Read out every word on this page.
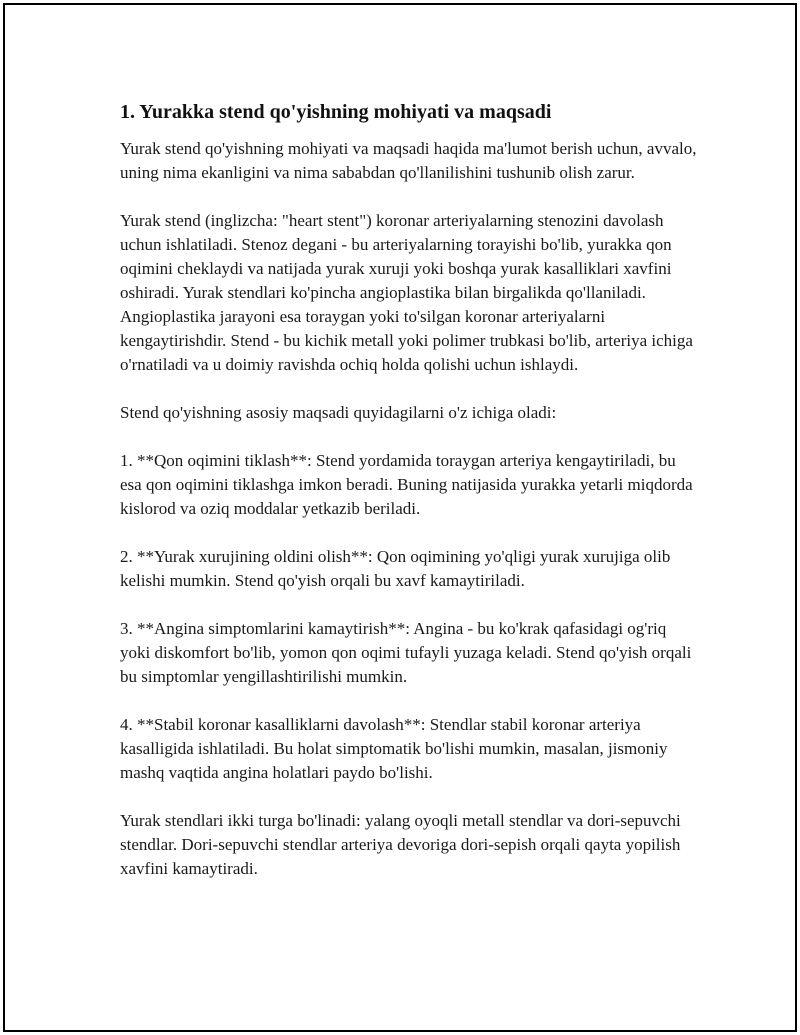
1. Yurakka stend qo'yishning mohiyati va maqsadi

Yurak stend qo'yishning mohiyati va maqsadi haqida ma'lumot berish uchun, avvalo, uning nima ekanligini va nima sababdan qo'llanilishini tushunib olish zarur.

Yurak stend (inglizcha: "heart stent") koronar arteriyalarning stenozini davolash uchun ishlatiladi. Stenoz degani - bu arteriyalarning torayishi bo'lib, yurakka qon oqimini cheklaydi va natijada yurak xuruji yoki boshqa yurak kasalliklari xavfini oshiradi. Yurak stendlari ko'pincha angioplastika bilan birgalikda qo'llaniladi. Angioplastika jarayoni esa toraygan yoki to'silgan koronar arteriyalarni kengaytirishdir. Stend - bu kichik metall yoki polimer trubkasi bo'lib, arteriya ichiga o'rnatiladi va u doimiy ravishda ochiq holda qolishi uchun ishlaydi.

Stend qo'yishning asosiy maqsadi quyidagilarni o'z ichiga oladi:

1. **Qon oqimini tiklash**: Stend yordamida toraygan arteriya kengaytiriladi, bu esa qon oqimini tiklashga imkon beradi. Buning natijasida yurakka yetarli miqdorda kislorod va oziq moddalar yetkazib beriladi.

2. **Yurak xurujining oldini olish**: Qon oqimining yo'qligi yurak xurujiga olib kelishi mumkin. Stend qo'yish orqali bu xavf kamaytiriladi.

3. **Angina simptomlarini kamaytirish**: Angina - bu ko'krak qafasidagi og'riq yoki diskomfort bo'lib, yomon qon oqimi tufayli yuzaga keladi. Stend qo'yish orqali bu simptomlar yengillashtirilishi mumkin.

4. **Stabil koronar kasalliklarni davolash**: Stendlar stabil koronar arteriya kasalligida ishlatiladi. Bu holat simptomatik bo'lishi mumkin, masalan, jismoniy mashq vaqtida angina holatlari paydo bo'lishi.

Yurak stendlari ikki turga bo'linadi: yalang oyoqli metall stendlar va dori-sepuvchi stendlar. Dori-sepuvchi stendlar arteriya devoriga dori-sepish orqali qayta yopilish xavfini kamaytiradi.
